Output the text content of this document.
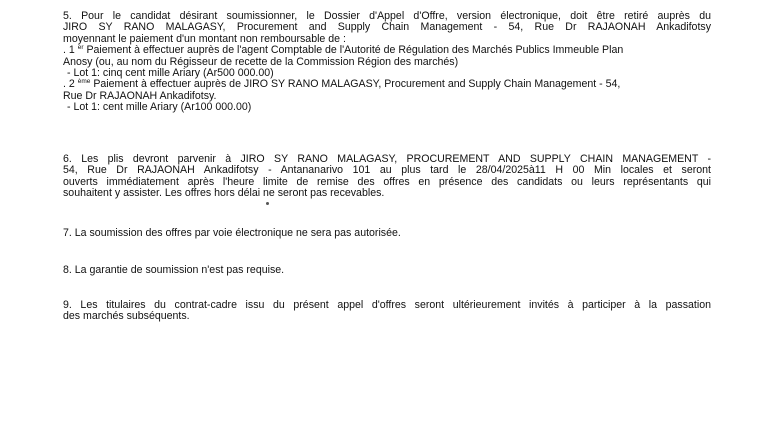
5. Pour le candidat désirant soumissionner, le Dossier d'Appel d'Offre, version électronique, doit être retiré auprès du
JIRO SY RANO MALAGASY, Procurement and Supply Chain Management - 54, Rue Dr RAJAONAH Ankadifotsy
moyennant le paiement d'un montant non remboursable de :
. 1 $^{er}$ Paiement à effectuer auprès de l'agent Comptable de l'Autorité de Régulation des Marchés Publics Immeuble Plan
Anosy (ou, au nom du Régisseur de recette de la Commission Région des marchés)
- Lot 1: cinq cent mille Ariary (Ar500 000.00)
. 2 $^{ème}$ Paiement à effectuer auprès de JIRO SY RANO MALAGASY, Procurement and Supply Chain Management - 54,
Rue Dr RAJAONAH Ankadifotsy.
- Lot 1: cent mille Ariary (Ar100 000.00)
6. Les plis devront parvenir à JIRO SY RANO MALAGASY, PROCUREMENT AND SUPPLY CHAIN MANAGEMENT -
54, Rue Dr RAJAONAH Ankadifotsy - Antananarivo 101 au plus tard le 28/04/2025à11 H 00 Min locales et seront
ouverts immédiatement après l'heure limite de remise des offres en présence des candidats ou leurs représentants qui
souhaitent y assister. Les offres hors délai ne seront pas recevables.
7. La soumission des offres par voie électronique ne sera pas autorisée.
8. La garantie de soumission n'est pas requise.
9. Les titulaires du contrat-cadre issu du présent appel d'offres seront ultérieurement invités à participer à la passation
des marchés subséquents.
